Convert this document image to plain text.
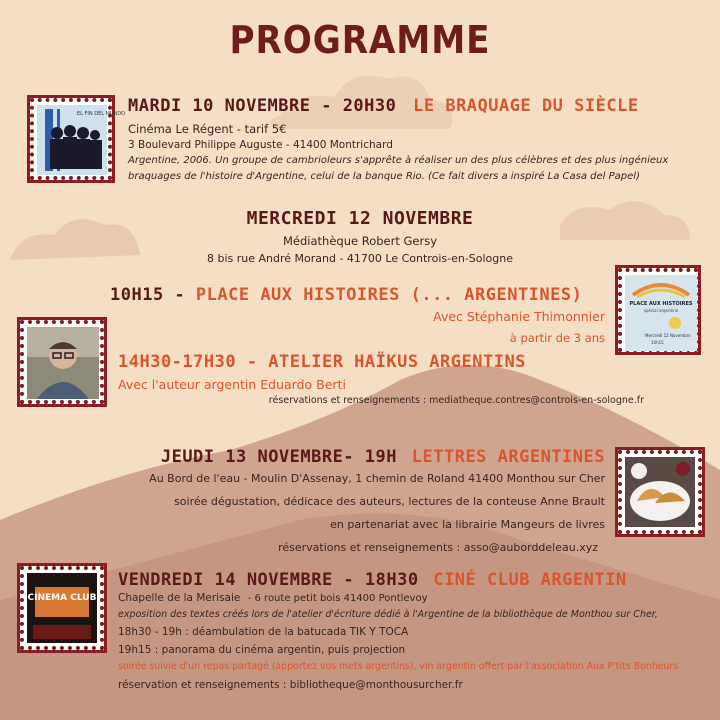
PROGRAMME
EL FIN DEL MUNDO MARDI 10 NOVEMBRE - 20H30 LE BRAQUAGE DU SIÈCLE
Cinéma Le Régent - tarif 5€
3 Boulevard Philippe Auguste - 41400 Montrichard
Argentine, 2006. Un groupe de cambrioleurs s'apprête à réaliser un des plus célèbres et des plus ingénieux
braquages de l'histoire d'Argentine, celui de la banque Rio. (Ce fait divers a inspiré La Casa del Papel)
MERCREDI 12 NOVEMBRE
Médiathèque Robert Gersy
8 bis rue André Morand - 41700 Le Controis-en-Sologne
10H15 - PLACE AUX HISTOIRES (... ARGENTINES)
Avec Stéphanie Thimonnier
à partir de 3 ans
PLACE AUX HISTOIRES
spécial argentine
Mercredi 12 Novembre
10h15
14H30-17H30 - ATELIER HAÏKUS ARGENTINS
Avec l'auteur argentin Eduardo Berti
réservations et renseignements : mediatheque.contres@controis-en-sologne.fr
JEUDI 13 NOVEMBRE- 19H LETTRES ARGENTINES
Au Bord de l'eau - Moulin D'Assenay, 1 chemin de Roland 41400 Monthou sur Cher
soirée dégustation, dédicace des auteurs, lectures de la conteuse Anne Brault
en partenariat avec la librairie Mangeurs de livres
réservations et renseignements : asso@auborddeleau.xyz
CINEMA CLUB
VENDREDI 14 NOVEMBRE - 18H30 CINÉ CLUB ARGENTIN
Chapelle de la Merisaie - 6 route petit bois 41400 Pontlevoy
exposition des textes créés lors de l'atelier d'écriture dédié à l'Argentine de la bibliothèque de Monthou sur Cher,
18h30 - 19h : déambulation de la batucada TIK Y TOCA
19h15 : panorama du cinéma argentin, puis projection
soirée suivie d'un repas partagé (apportez vos mets argentins), vin argentin offert par l'association Aux P'tits Bonheurs
réservation et renseignements : bibliotheque@monthousurcher.fr
